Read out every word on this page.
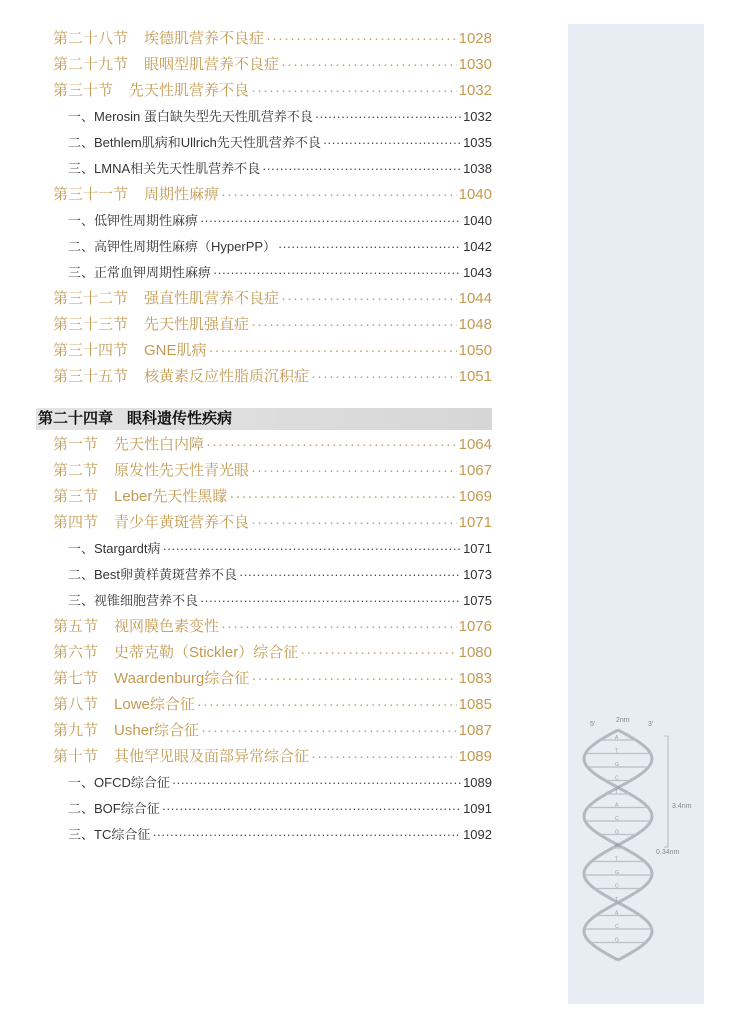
第二十八节 埃德肌营养不良症 ·····	1028
第二十九节 眼咽型肌营养不良症 ·····	1030
第三十节 先天性肌营养不良 ·····	1032
一、 Merosin 蛋白缺失型先天性肌营养不良 ·····	1032
二、 Bethlem肌病和Ullrich先天性肌营养不良 ·····	1035
三、 LMNA相关先天性肌营养不良 ·····	1038
第三十一节 周期性麻痹 ·····	1040
一、 低钾性周期性麻痹 ·····	1040
二、 高钾性周期性麻痹（HyperPP） ·····	1042
三、 正常血钾周期性麻痹 ·····	1043
第三十二节 强直性肌营养不良症 ·····	1044
第三十三节 先天性肌强直症 ·····	1048
第三十四节 GNE肌病 ·····	1050
第三十五节 核黄素反应性脂质沉积症 ·····	1051
第二十四章 眼科遗传性疾病
第一节 先天性白内障 ·····	1064
第二节 原发性先天性青光眼 ·····	1067
第三节 Leber先天性黑矇 ·····	1069
第四节 青少年黄斑营养不良 ·····	1071
一、 Stargardt病 ·····	1071
二、 Best卵黄样黄斑营养不良 ·····	1073
三、 视锥细胞营养不良 ·····	1075
第五节 视网膜色素变性 ·····	1076
第六节 史蒂克勒（Stickler）综合征 ·····	1080
第七节 Waardenburg综合征 ·····	1083
第八节 Lowe综合征 ·····	1085
第九节 Usher综合征 ·····	1087
第十节 其他罕见眼及面部异常综合征 ·····	1089
一、 OFCD综合征 ·····	1089
二、 BOF综合征 ·····	1091
三、 TC综合征 ·····	1092
A
T
G
C
T
A
C
G
A
T
G
C
T
A
C
G
5'
2nm
3'
3.4nm
0.34nm
